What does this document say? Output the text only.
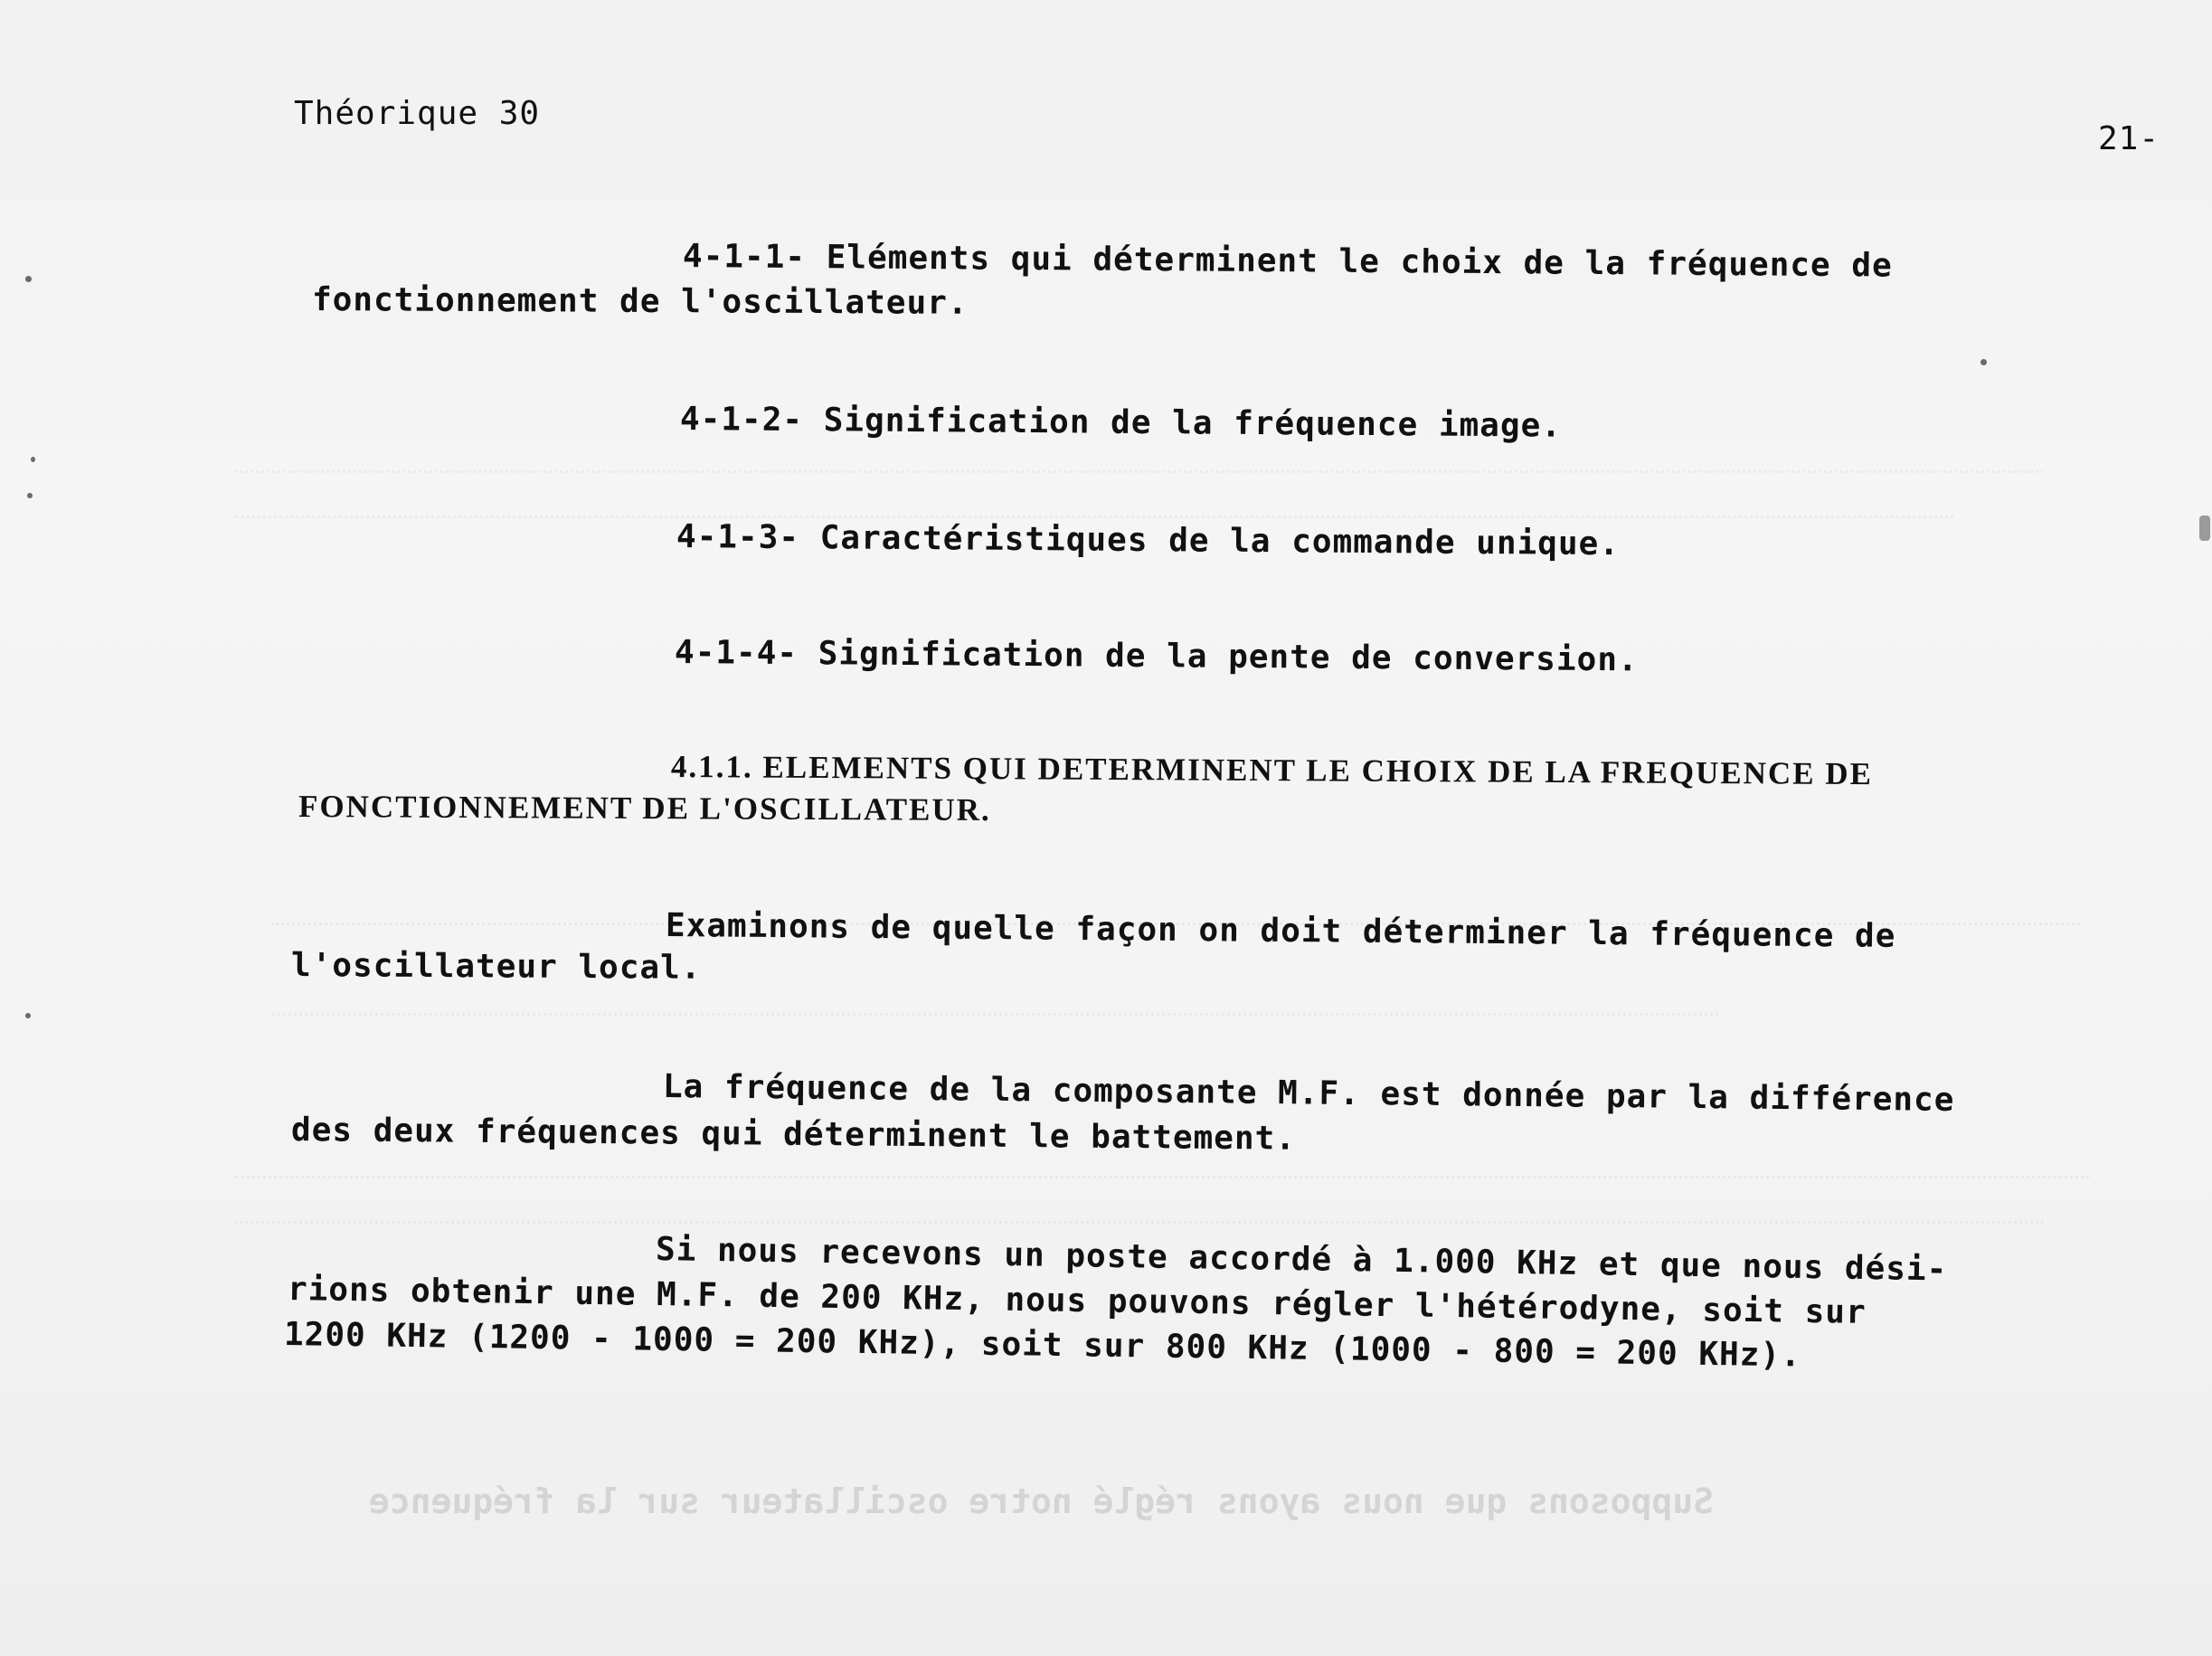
Supposons que nous ayons réglé notre oscillateur sur la fréquence
Théorique 30
21-
4-1-1- Eléments qui déterminent le choix de la fréquence de
fonctionnement de l'oscillateur.
4-1-2- Signification de la fréquence image.
4-1-3- Caractéristiques de la commande unique.
4-1-4- Signification de la pente de conversion.
4.1.1. ELEMENTS QUI DETERMINENT LE CHOIX DE LA FREQUENCE DE
FONCTIONNEMENT DE L'OSCILLATEUR.
Examinons de quelle façon on doit déterminer la fréquence de
l'oscillateur local.
La fréquence de la composante M.F. est donnée par la différence
des deux fréquences qui déterminent le battement.
Si nous recevons un poste accordé à 1.000 KHz et que nous dési-
rions obtenir une M.F. de 200 KHz, nous pouvons régler l'hétérodyne, soit sur
1200 KHz (1200 - 1000 = 200 KHz), soit sur 800 KHz (1000 - 800 = 200 KHz).
